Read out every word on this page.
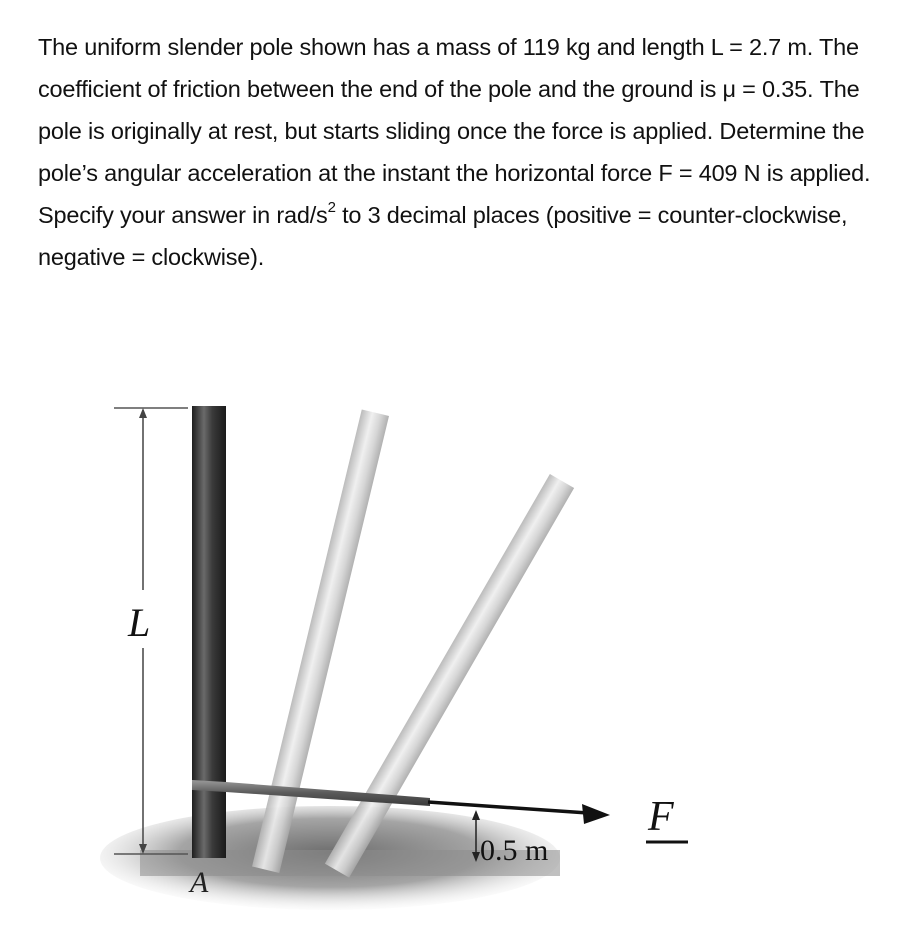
The uniform slender pole shown has a mass of 119 kg and length L = 2.7 m. The coefficient of friction between the end of the pole and the ground is μ = 0.35. The pole is originally at rest, but starts sliding once the force is applied. Determine the pole’s angular acceleration at the instant the horizontal force F = 409 N is applied. Specify your answer in rad/$s^2$ to 3 decimal places (positive = counter-clockwise, negative = clockwise).

F
0.5 m
L
A
